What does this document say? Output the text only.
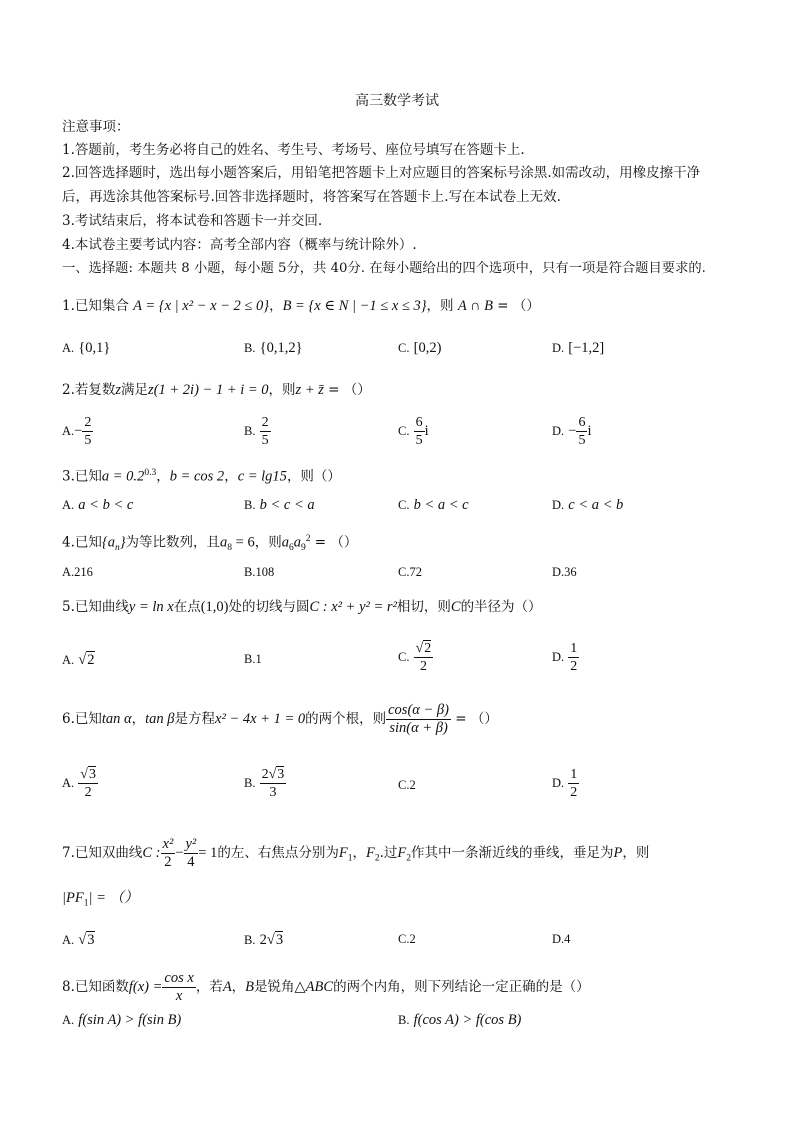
高三数学考试
注意事项：
1.答题前，考生务必将自己的姓名、考生号、考场号、座位号填写在答题卡上.
2.回答选择题时，选出每小题答案后，用铅笔把答题卡上对应题目的答案标号涂黑.如需改动，用橡皮擦干净
后，再选涂其他答案标号.回答非选择题时，将答案写在答题卡上.写在本试卷上无效.
3.考试结束后，将本试卷和答题卡一并交回.
4.本试卷主要考试内容：高考全部内容（概率与统计除外）.
一、选择题: 本题共 8 小题，每小题 5分，共 40分. 在每小题给出的四个选项中，只有一项是符合题目要求的.
1.已知集合 A = {x | x² − x − 2 ≤ 0}，B = {x ∈ N | −1 ≤ x ≤ 3}，则 A ∩ B = （）
A. {0,1}	B. {0,1,2}	C. [0,2)	D. [−1,2]
2.若复数z满足z(1 + 2i) − 1 + i = 0，则z + z̄ = （）
$A.- \frac{2}{5}$	B. $\frac{2}{5}$	C. $\frac{6}{5}$ i	D. − $\frac{6}{5}$ i
3.已知$a = 0.2^{0.3}$，b = cos 2，c = lg15，则（）
A. a < b < c	B. b < c < a	C. b < a < c	D. c < a < b
4.已知$\{a_n\}$为等比数列，且$a_8 = 6$，则$a_6a_9^2$ = （）
A.216	B.108	C.72	D.36
5.已知曲线y = ln x在点(1,0)处的切线与圆C : x² + y² = r²相切，则C的半径为（）
A. √2	B.1	C. $\frac{√2}{2}$	D. $\frac{1}{2}$
6.已知tan α，tan β是方程x² − 4x + 1 = 0的两个根，则 $\frac{\cos(\alpha - \beta)}{\sin(\alpha + \beta)}$ = （）
A. $\frac{√3}{2}$	B. $\frac{2√3}{3}$	C.2	D. $\frac{1}{2}$
7.已知双曲线C : $\frac{\text{x²}}{2} - \frac{\text{y²}}{4} = 1$的左、右焦点分别为$F_1$，$F_2$.过$F_2$作其中一条渐近线的垂线，垂足为P，则
$|PF_1|$ = （）
A. √3	B. 2√3	C.2	D.4
8.已知函数$f(x) = \frac{\text{cos x}}{x}$ ，若A，B是锐角△ABC的两个内角，则下列结论一定正确的是（）
A. f(sin A) > f(sin B)	B. f(cos A) > f(cos B)
